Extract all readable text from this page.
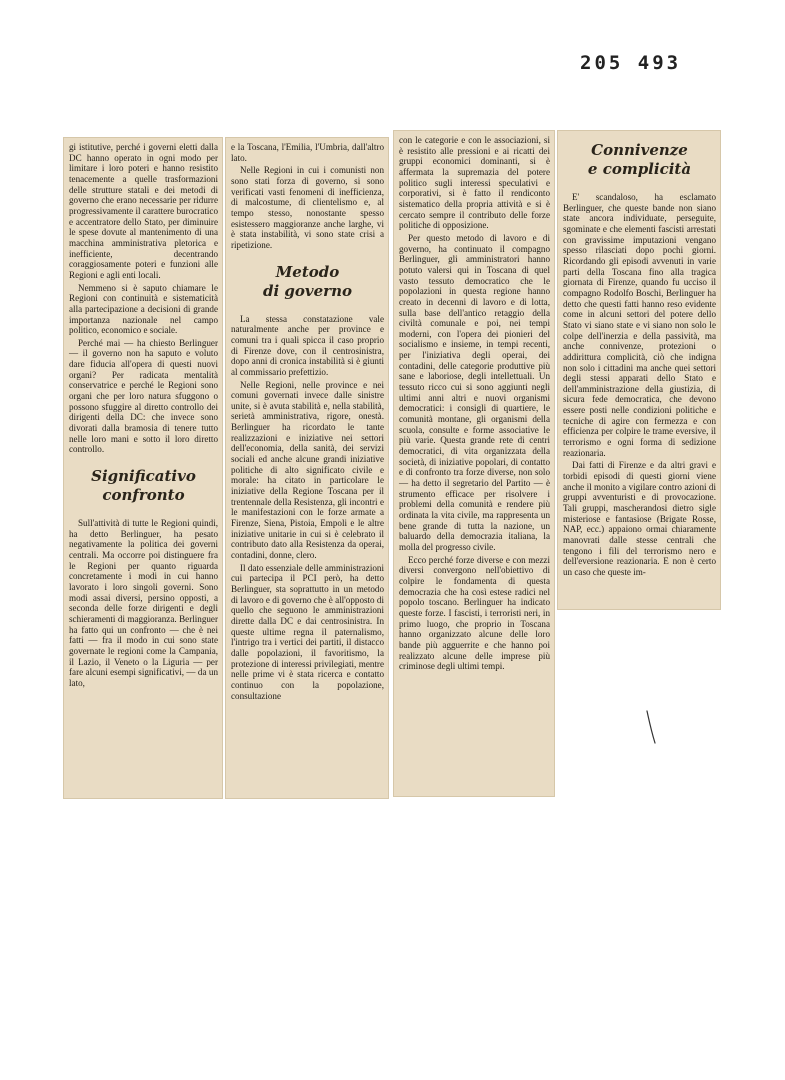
205 493

gi istitutive, perché i governi eletti dalla DC hanno operato in ogni modo per limitare i loro poteri e hanno resistito tenacemente a quelle trasformazioni delle strutture statali e dei metodi di governo che erano necessarie per ridurre progressivamente il carattere burocratico e accentratore dello Stato, per diminuire le spese dovute al mantenimento di una macchina amministrativa pletorica e inefficiente, decentrando coraggiosamente poteri e funzioni alle Regioni e agli enti locali.

Nemmeno si è saputo chiamare le Regioni con continuità e sistematicità alla partecipazione a decisioni di grande importanza nazionale nel campo politico, economico e sociale.

Perché mai — ha chiesto Berlinguer — il governo non ha saputo e voluto dare fiducia all'opera di questi nuovi organi? Per radicata mentalità conservatrice e perché le Regioni sono organi che per loro natura sfuggono o possono sfuggire al diretto controllo dei dirigenti della DC: che invece sono divorati dalla bramosia di tenere tutto nelle loro mani e sotto il loro diretto controllo.

Significativo
confronto

Sull'attività di tutte le Regioni quindi, ha detto Berlinguer, ha pesato negativamente la politica dei governi centrali. Ma occorre poi distinguere fra le Regioni per quanto riguarda concretamente i modi in cui hanno lavorato i loro singoli governi. Sono modi assai diversi, persino opposti, a seconda delle forze dirigenti e degli schieramenti di maggioranza. Berlinguer ha fatto qui un confronto — che è nei fatti — fra il modo in cui sono state governate le regioni come la Campania, il Lazio, il Veneto o la Liguria — per fare alcuni esempi significativi, — da un lato,

e la Toscana, l'Emilia, l'Umbria, dall'altro lato.

Nelle Regioni in cui i comunisti non sono stati forza di governo, si sono verificati vasti fenomeni di inefficienza, di malcostume, di clientelismo e, al tempo stesso, nonostante spesso esistessero maggioranze anche larghe, vi è stata instabilità, vi sono state crisi a ripetizione.

Metodo
di governo

La stessa constatazione vale naturalmente anche per province e comuni tra i quali spicca il caso proprio di Firenze dove, con il centrosinistra, dopo anni di cronica instabilità si è giunti al commissario prefettizio.

Nelle Regioni, nelle province e nei comuni governati invece dalle sinistre unite, si è avuta stabilità e, nella stabilità, serietà amministrativa, rigore, onestà. Berlinguer ha ricordato le tante realizzazioni e iniziative nei settori dell'economia, della sanità, dei servizi sociali ed anche alcune grandi iniziative politiche di alto significato civile e morale: ha citato in particolare le iniziative della Regione Toscana per il trentennale della Resistenza, gli incontri e le manifestazioni con le forze armate a Firenze, Siena, Pistoia, Empoli e le altre iniziative unitarie in cui si è celebrato il contributo dato alla Resistenza da operai, contadini, donne, clero.

Il dato essenziale delle amministrazioni cui partecipa il PCI però, ha detto Berlinguer, sta soprattutto in un metodo di lavoro e di governo che è all'opposto di quello che seguono le amministrazioni dirette dalla DC e dai centrosinistra. In queste ultime regna il paternalismo, l'intrigo tra i vertici dei partiti, il distacco dalle popolazioni, il favoritismo, la protezione di interessi privilegiati, mentre nelle prime vi è stata ricerca e contatto continuo con la popolazione, consultazione

con le categorie e con le associazioni, si è resistito alle pressioni e ai ricatti dei gruppi economici dominanti, si è affermata la supremazia del potere politico sugli interessi speculativi e corporativi, si è fatto il rendiconto sistematico della propria attività e si è cercato sempre il contributo delle forze politiche di opposizione.

Per questo metodo di lavoro e di governo, ha continuato il compagno Berlinguer, gli amministratori hanno potuto valersi qui in Toscana di quel vasto tessuto democratico che le popolazioni in questa regione hanno creato in decenni di lavoro e di lotta, sulla base dell'antico retaggio della civiltà comunale e poi, nei tempi moderni, con l'opera dei pionieri del socialismo e insieme, in tempi recenti, per l'iniziativa degli operai, dei contadini, delle categorie produttive più sane e laboriose, degli intellettuali. Un tessuto ricco cui si sono aggiunti negli ultimi anni altri e nuovi organismi democratici: i consigli di quartiere, le comunità montane, gli organismi della scuola, consulte e forme associative le più varie. Questa grande rete di centri democratici, di vita organizzata della società, di iniziative popolari, di contatto e di confronto tra forze diverse, non solo — ha detto il segretario del Partito — è strumento efficace per risolvere i problemi della comunità e rendere più ordinata la vita civile, ma rappresenta un bene grande di tutta la nazione, un baluardo della democrazia italiana, la molla del progresso civile.

Ecco perché forze diverse e con mezzi diversi convergono nell'obiettivo di colpire le fondamenta di questa democrazia che ha così estese radici nel popolo toscano. Berlinguer ha indicato queste forze. I fascisti, i terroristi neri, in primo luogo, che proprio in Toscana hanno organizzato alcune delle loro bande più agguerrite e che hanno poi realizzato alcune delle imprese più criminose degli ultimi tempi.

Connivenze
e complicità

E' scandaloso, ha esclamato Berlinguer, che queste bande non siano state ancora individuate, perseguite, sgominate e che elementi fascisti arrestati con gravissime imputazioni vengano spesso rilasciati dopo pochi giorni. Ricordando gli episodi avvenuti in varie parti della Toscana fino alla tragica giornata di Firenze, quando fu ucciso il compagno Rodolfo Boschi, Berlinguer ha detto che questi fatti hanno reso evidente come in alcuni settori del potere dello Stato vi siano state e vi siano non solo le colpe dell'inerzia e della passività, ma anche connivenze, protezioni o addirittura complicità, ciò che indigna non solo i cittadini ma anche quei settori degli stessi apparati dello Stato e dell'amministrazione della giustizia, di sicura fede democratica, che devono essere posti nelle condizioni politiche e tecniche di agire con fermezza e con efficienza per colpire le trame eversive, il terrorismo e ogni forma di sedizione reazionaria.

Dai fatti di Firenze e da altri gravi e torbidi episodi di questi giorni viene anche il monito a vigilare contro azioni di gruppi avventuristi e di provocazione. Tali gruppi, mascherandosi dietro sigle misteriose e fantasiose (Brigate Rosse, NAP, ecc.) appaiono ormai chiaramente manovrati dalle stesse centrali che tengono i fili del terrorismo nero e dell'eversione reazionaria. E non è certo un caso che queste im-
